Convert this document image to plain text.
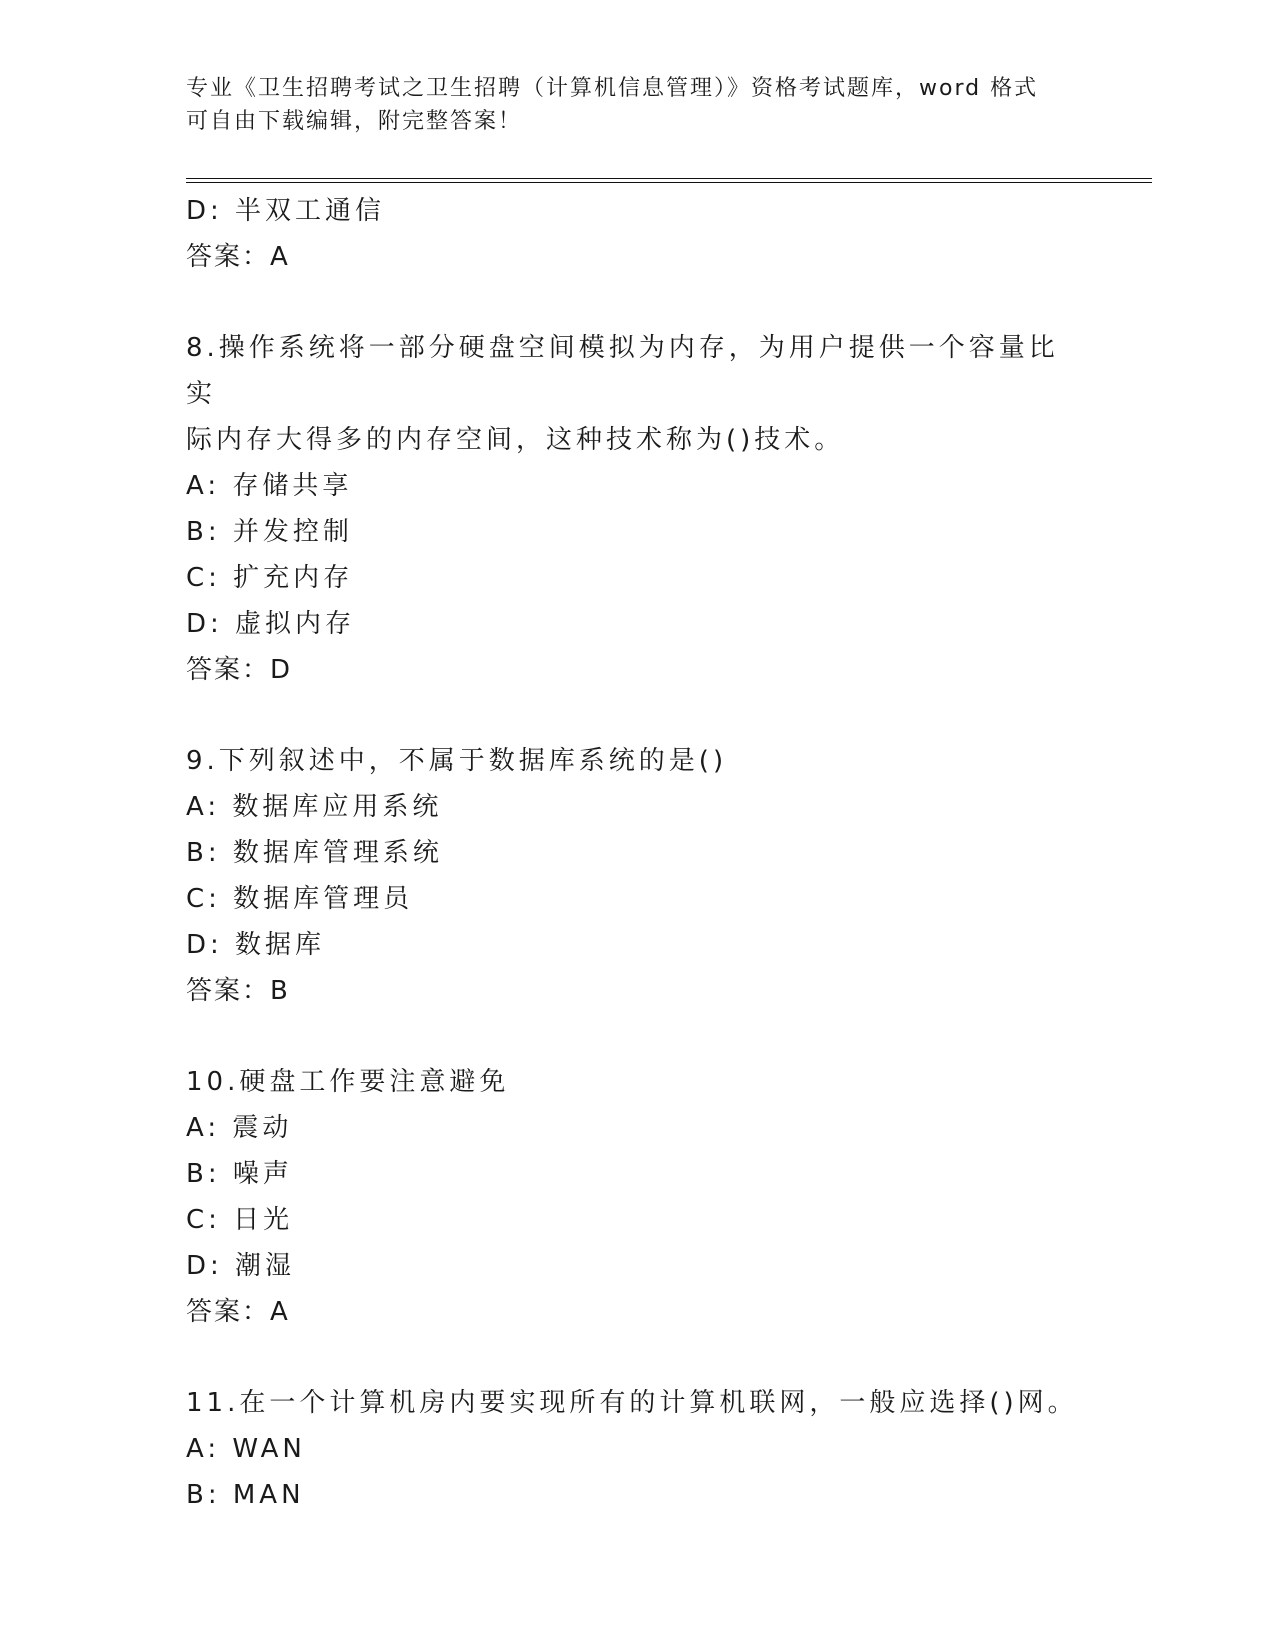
专业《卫生招聘考试之卫生招聘（计算机信息管理）》资格考试题库，word 格式
可自由下载编辑，附完整答案！
D: 半双工通信
答案：A
8.操作系统将一部分硬盘空间模拟为内存，为用户提供一个容量比实
际内存大得多的内存空间，这种技术称为()技术。
A: 存储共享
B: 并发控制
C: 扩充内存
D: 虚拟内存
答案：D
9.下列叙述中，不属于数据库系统的是()
A: 数据库应用系统
B: 数据库管理系统
C: 数据库管理员
D: 数据库
答案：B
10.硬盘工作要注意避免
A: 震动
B: 噪声
C: 日光
D: 潮湿
答案：A
11.在一个计算机房内要实现所有的计算机联网，一般应选择()网。
A: WAN
B: MAN
